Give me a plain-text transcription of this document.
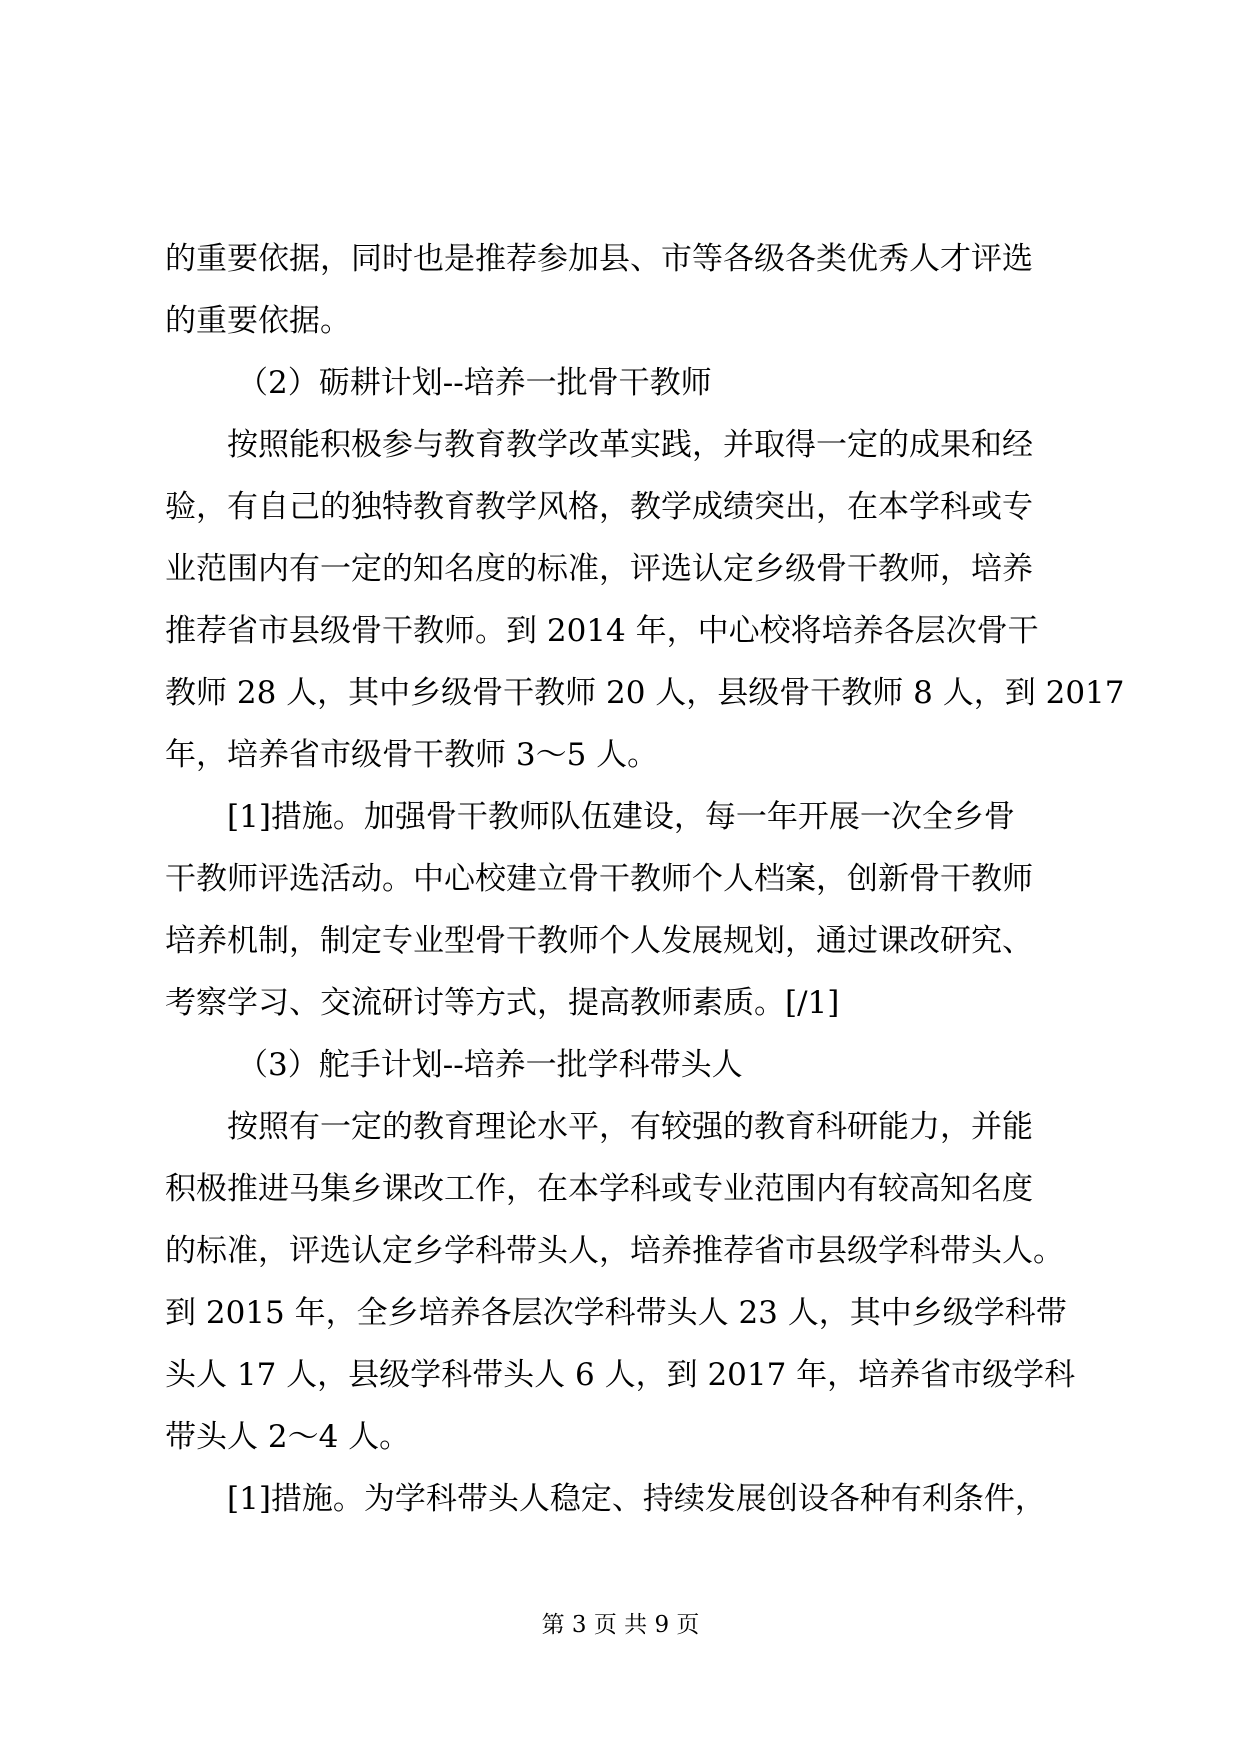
的重要依据，同时也是推荐参加县、市等各级各类优秀人才评选

的重要依据。

（2）砺耕计划--培养一批骨干教师

按照能积极参与教育教学改革实践，并取得一定的成果和经

验，有自己的独特教育教学风格，教学成绩突出，在本学科或专

业范围内有一定的知名度的标准，评选认定乡级骨干教师，培养

推荐省市县级骨干教师。到 2014 年，中心校将培养各层次骨干

教师 28 人，其中乡级骨干教师 20 人，县级骨干教师 8 人，到 2017

年，培养省市级骨干教师 3～5 人。

[1]措施。加强骨干教师队伍建设，每一年开展一次全乡骨

干教师评选活动。中心校建立骨干教师个人档案，创新骨干教师

培养机制，制定专业型骨干教师个人发展规划，通过课改研究、

考察学习、交流研讨等方式，提高教师素质。[/1]

（3）舵手计划--培养一批学科带头人

按照有一定的教育理论水平，有较强的教育科研能力，并能

积极推进马集乡课改工作，在本学科或专业范围内有较高知名度

的标准，评选认定乡学科带头人，培养推荐省市县级学科带头人。

到 2015 年，全乡培养各层次学科带头人 23 人，其中乡级学科带

头人 17 人，县级学科带头人 6 人，到 2017 年，培养省市级学科

带头人 2～4 人。

[1]措施。为学科带头人稳定、持续发展创设各种有利条件，

第 3 页 共 9 页
